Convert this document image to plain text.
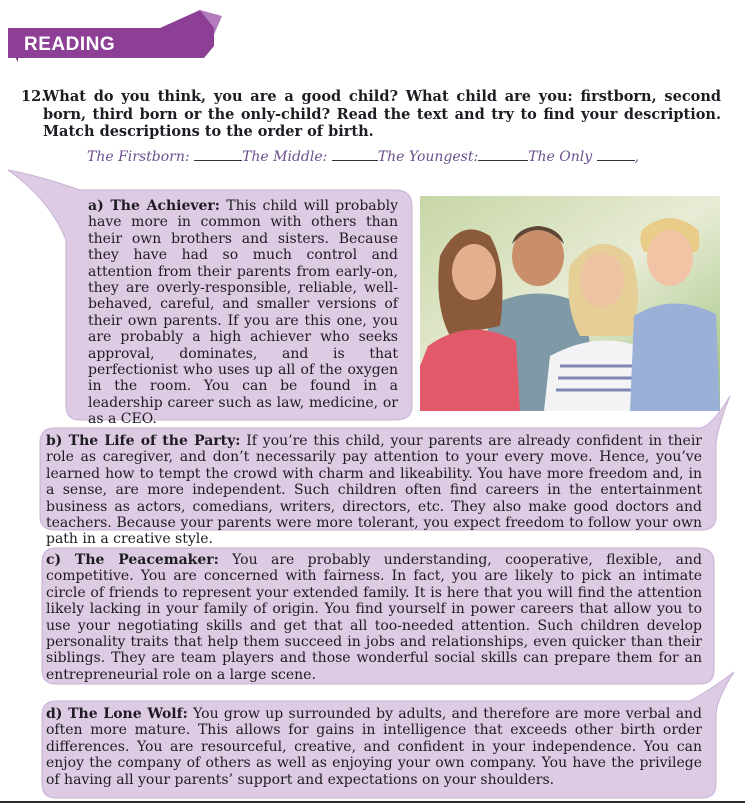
READING
12.
What do you think, you are a good child? What child are you: firstborn, second born, third born or the only-child? Read the text and try to find your description. Match descriptions to the order of birth.
The Firstborn:	The Middle:	The Youngest:	The Only	,
a) The Achiever: This child will probably have more in common with others than their own brothers and sisters. Because they have had so much control and attention from their parents from early-on, they are overly-responsible, reliable, well-behaved, careful, and smaller versions of their own parents. If you are this one, you are probably a high achiever who seeks approval, dominates, and is that perfectionist who uses up all of the oxygen in the room. You can be found in a leadership career such as law, medicine, or as a CEO.
b) The Life of the Party: If you’re this child, your parents are already confident in their role as caregiver, and don’t necessarily pay attention to your every move. Hence, you’ve learned how to tempt the crowd with charm and likeability. You have more freedom and, in a sense, are more independent. Such children often find careers in the entertainment business as actors, comedians, writers, directors, etc. They also make good doctors and teachers. Because your parents were more tolerant, you expect freedom to follow your own path in a creative style.
c) The Peacemaker: You are probably understanding, cooperative, flexible, and competitive. You are concerned with fairness. In fact, you are likely to pick an intimate circle of friends to represent your extended family. It is here that you will find the attention likely lacking in your family of origin. You find yourself in power careers that allow you to use your negotiating skills and get that all too-needed attention. Such children develop personality traits that help them succeed in jobs and relationships, even quicker than their siblings. They are team players and those wonderful social skills can prepare them for an entrepreneurial role on a large scene.
d) The Lone Wolf: You grow up surrounded by adults, and therefore are more verbal and often more mature. This allows for gains in intelligence that exceeds other birth order differences. You are resourceful, creative, and confident in your independence. You can enjoy the company of others as well as enjoying your own company. You have the privilege of having all your parents’ support and expectations on your shoulders.
